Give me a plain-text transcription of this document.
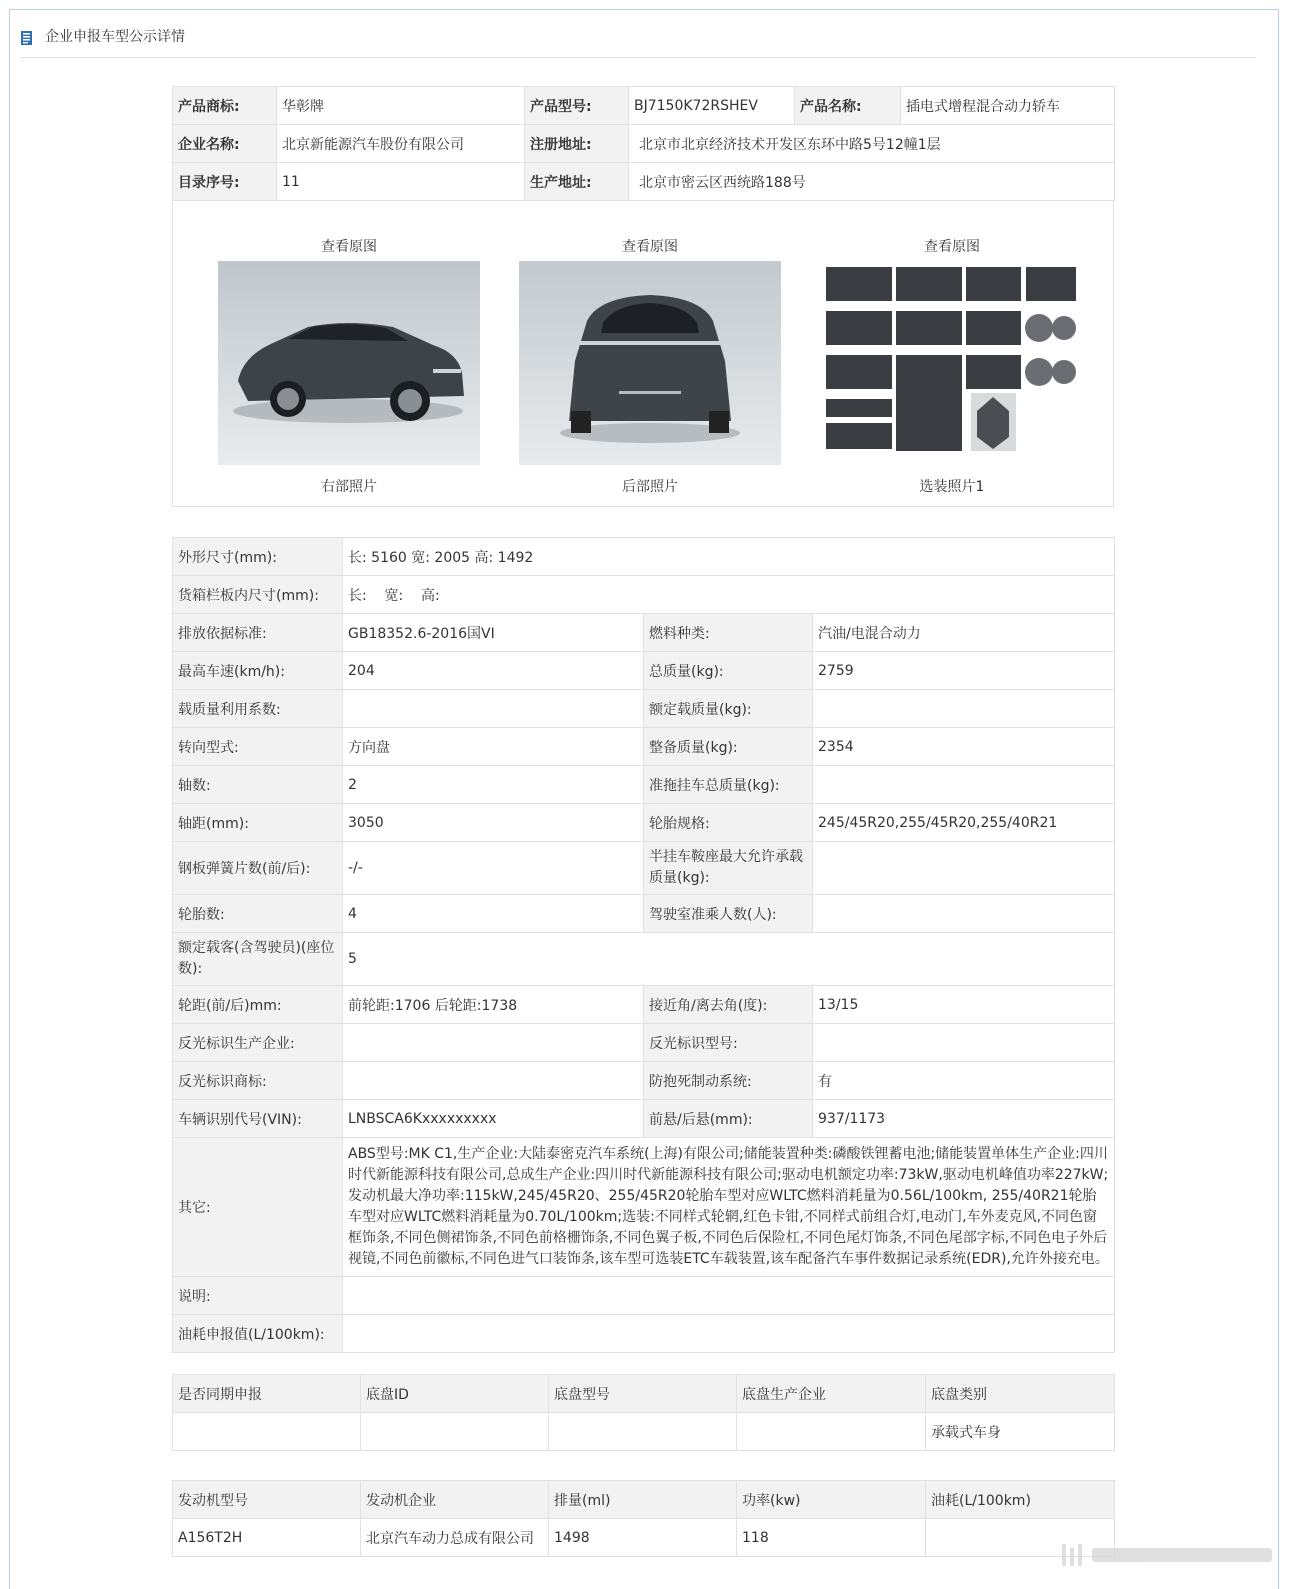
企业申报车型公示详情
产品商标:	华彰牌	产品型号:	BJ7150K72RSHEV	产品名称:	插电式增程混合动力轿车
企业名称:	北京新能源汽车股份有限公司	注册地址:	北京市北京经济技术开发区东环中路5号12幢1层		
目录序号:	11	生产地址:	北京市密云区西统路188号		
查看原图
右部照片
查看原图
后部照片
查看原图
选装照片1
外形尺寸(mm):	长: 5160 宽: 2005 高: 1492		
货箱栏板内尺寸(mm):	长:    宽:    高:		
排放依据标准:	GB18352.6-2016国VI	燃料种类:	汽油/电混合动力
最高车速(km/h):	204	总质量(kg):	2759
载质量利用系数:		额定载质量(kg):	
转向型式:	方向盘	整备质量(kg):	2354
轴数:	2	准拖挂车总质量(kg):	
轴距(mm):	3050	轮胎规格:	245/45R20,255/45R20,255/40R21
钢板弹簧片数(前/后):	-/-	半挂车鞍座最大允许承载质量(kg):	
轮胎数:	4	驾驶室准乘人数(人):	
额定载客(含驾驶员)(座位数):	5		
轮距(前/后)mm:	前轮距:1706 后轮距:1738	接近角/离去角(度):	13/15
反光标识生产企业:		反光标识型号:	
反光标识商标:		防抱死制动系统:	有
车辆识别代号(VIN):	LNBSCA6Kxxxxxxxxx	前悬/后悬(mm):	937/1173
其它:	ABS型号:MK C1,生产企业:大陆泰密克汽车系统(上海)有限公司;储能装置种类:磷酸铁锂蓄电池;储能装置单体生产企业:四川时代新能源科技有限公司,总成生产企业:四川时代新能源科技有限公司;驱动电机额定功率:73kW,驱动电机峰值功率227kW;发动机最大净功率:115kW,245/45R20、255/45R20轮胎车型对应WLTC燃料消耗量为0.56L/100km, 255/40R21轮胎车型对应WLTC燃料消耗量为0.70L/100km;选装:不同样式轮辋,红色卡钳,不同样式前组合灯,电动门,车外麦克风,不同色窗框饰条,不同色侧裙饰条,不同色前格栅饰条,不同色翼子板,不同色后保险杠,不同色尾灯饰条,不同色尾部字标,不同色电子外后视镜,不同色前徽标,不同色进气口装饰条,该车型可选装ETC车载装置,该车配备汽车事件数据记录系统(EDR),允许外接充电。		
说明:			
油耗申报值(L/100km):			
是否同期申报	底盘ID	底盘型号	底盘生产企业	底盘类别
				承载式车身
发动机型号	发动机企业	排量(ml)	功率(kw)	油耗(L/100km)
A156T2H	北京汽车动力总成有限公司	1498	118	
